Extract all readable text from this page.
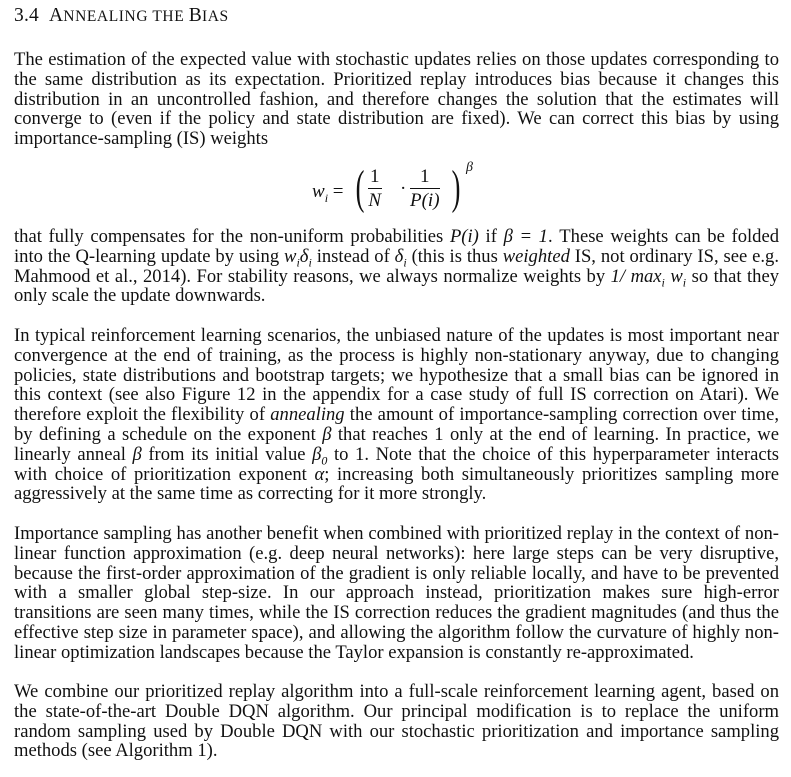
3.4 ANNEALING THE BIAS
The estimation of the expected value with stochastic updates relies on those updates corresponding to the same distribution as its expectation. Prioritized replay introduces bias because it changes this distribution in an uncontrolled fashion, and therefore changes the solution that the estimates will converge to (even if the policy and state distribution are fixed). We can correct this bias by using importance-sampling (IS) weights
$w_i$ = ( $\frac{1}{N} \cdot \frac{1}{P(i)}$ ) β
that fully compensates for the non-uniform probabilities P(i) if β = 1. These weights can be folded into the Q-learning update by using $w_i\delta_i$ instead of $\delta_i$ (this is thus weighted IS, not ordinary IS, see e.g. Mahmood et al., 2014). For stability reasons, we always normalize weights by 1/ $\max_i w_i$ so that they only scale the update downwards.
In typical reinforcement learning scenarios, the unbiased nature of the updates is most important near convergence at the end of training, as the process is highly non-stationary anyway, due to changing policies, state distributions and bootstrap targets; we hypothesize that a small bias can be ignored in this context (see also Figure 12 in the appendix for a case study of full IS correction on Atari). We therefore exploit the flexibility of annealing the amount of importance-sampling correction over time, by defining a schedule on the exponent β that reaches 1 only at the end of learning. In practice, we linearly anneal β from its initial value $\beta_0$ to 1. Note that the choice of this hyperparameter interacts with choice of prioritization exponent α; increasing both simultaneously prioritizes sampling more aggressively at the same time as correcting for it more strongly.
Importance sampling has another benefit when combined with prioritized replay in the context of non-linear function approximation (e.g. deep neural networks): here large steps can be very disruptive, because the first-order approximation of the gradient is only reliable locally, and have to be prevented with a smaller global step-size. In our approach instead, prioritization makes sure high-error transitions are seen many times, while the IS correction reduces the gradient magnitudes (and thus the effective step size in parameter space), and allowing the algorithm follow the curvature of highly non-linear optimization landscapes because the Taylor expansion is constantly re-approximated.
We combine our prioritized replay algorithm into a full-scale reinforcement learning agent, based on the state-of-the-art Double DQN algorithm. Our principal modification is to replace the uniform random sampling used by Double DQN with our stochastic prioritization and importance sampling methods (see Algorithm 1).
